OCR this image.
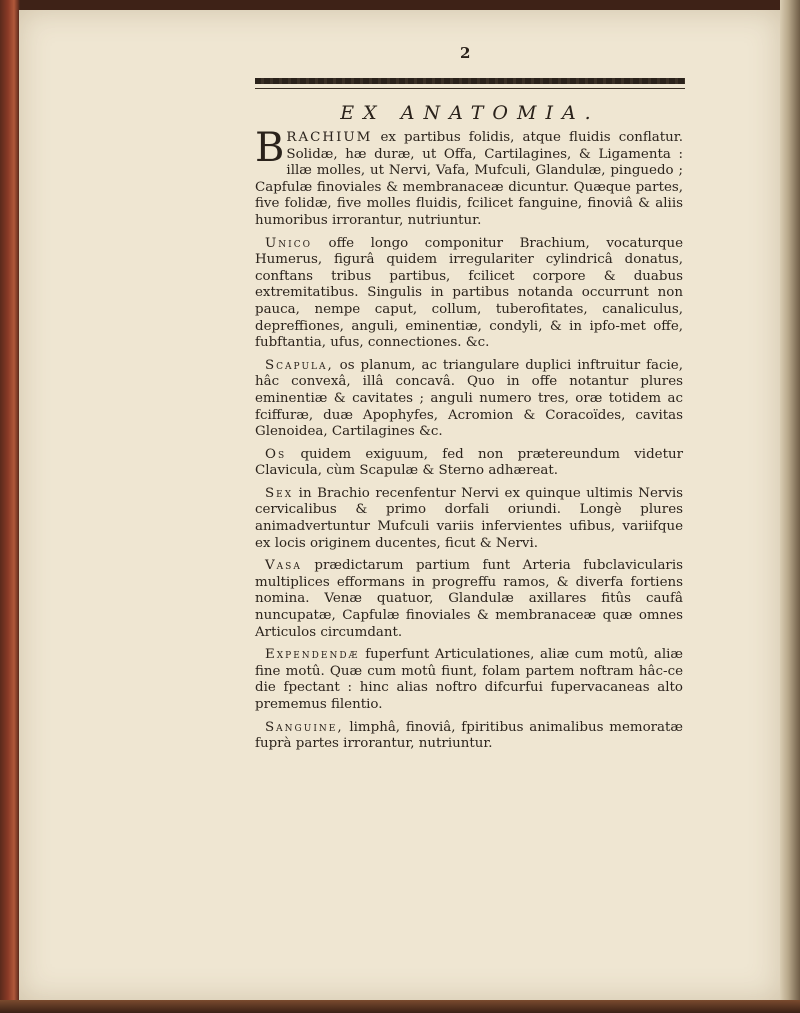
2
EX ANATOMIA.

BRACHIUM ex partibus folidis, atque fluidis conflatur. Solidæ, hæ duræ, ut Offa, Cartilagines, & Ligamenta : illæ molles, ut Nervi, Vafa, Mufculi, Glandulæ, pinguedo ; Capfulæ finoviales & membranaceæ dicuntur. Quæque partes, five folidæ, five molles fluidis, fcilicet fanguine, finoviâ & aliis humoribus irrorantur, nutriuntur.

Unico offe longo componitur Brachium, vocaturque Humerus, figurâ quidem irregulariter cylindricâ donatus, conftans tribus partibus, fcilicet corpore & duabus extremitatibus. Singulis in partibus notanda occurrunt non pauca, nempe caput, collum, tuberofitates, canaliculus, depreffiones, anguli, eminentiæ, condyli, & in ipfo-met offe, fubftantia, ufus, connectiones. &c.

Scapula, os planum, ac triangulare duplici inftruitur facie, hâc convexâ, illâ concavâ. Quo in offe notantur plures eminentiæ & cavitates ; anguli numero tres, oræ totidem ac fciffuræ, duæ Apophyfes, Acromion & Coracoïdes, cavitas Glenoidea, Cartilagines &c.

Os quidem exiguum, fed non prætereundum videtur Clavicula, cùm Scapulæ & Sterno adhæreat.

Sex in Brachio recenfentur Nervi ex quinque ultimis Nervis cervicalibus & primo dorfali oriundi. Longè plures animadvertuntur Mufculi variis infervientes ufibus, variifque ex locis originem ducentes, ficut & Nervi.

Vasa prædictarum partium funt Arteria fubclavicularis multiplices efformans in progreffu ramos, & diverfa fortiens nomina. Venæ quatuor, Glandulæ axillares fitûs caufâ nuncupatæ, Capfulæ finoviales & membranaceæ quæ omnes Articulos circumdant.

Expendendæ fuperfunt Articulationes, aliæ cum motû, aliæ fine motû. Quæ cum motû fiunt, folam partem noftram hâc-ce die fpectant : hinc alias noftro difcurfui fupervacaneas alto prememus filentio.

Sanguine, limphâ, finoviâ, fpiritibus animalibus memoratæ fuprà partes irrorantur, nutriuntur.
